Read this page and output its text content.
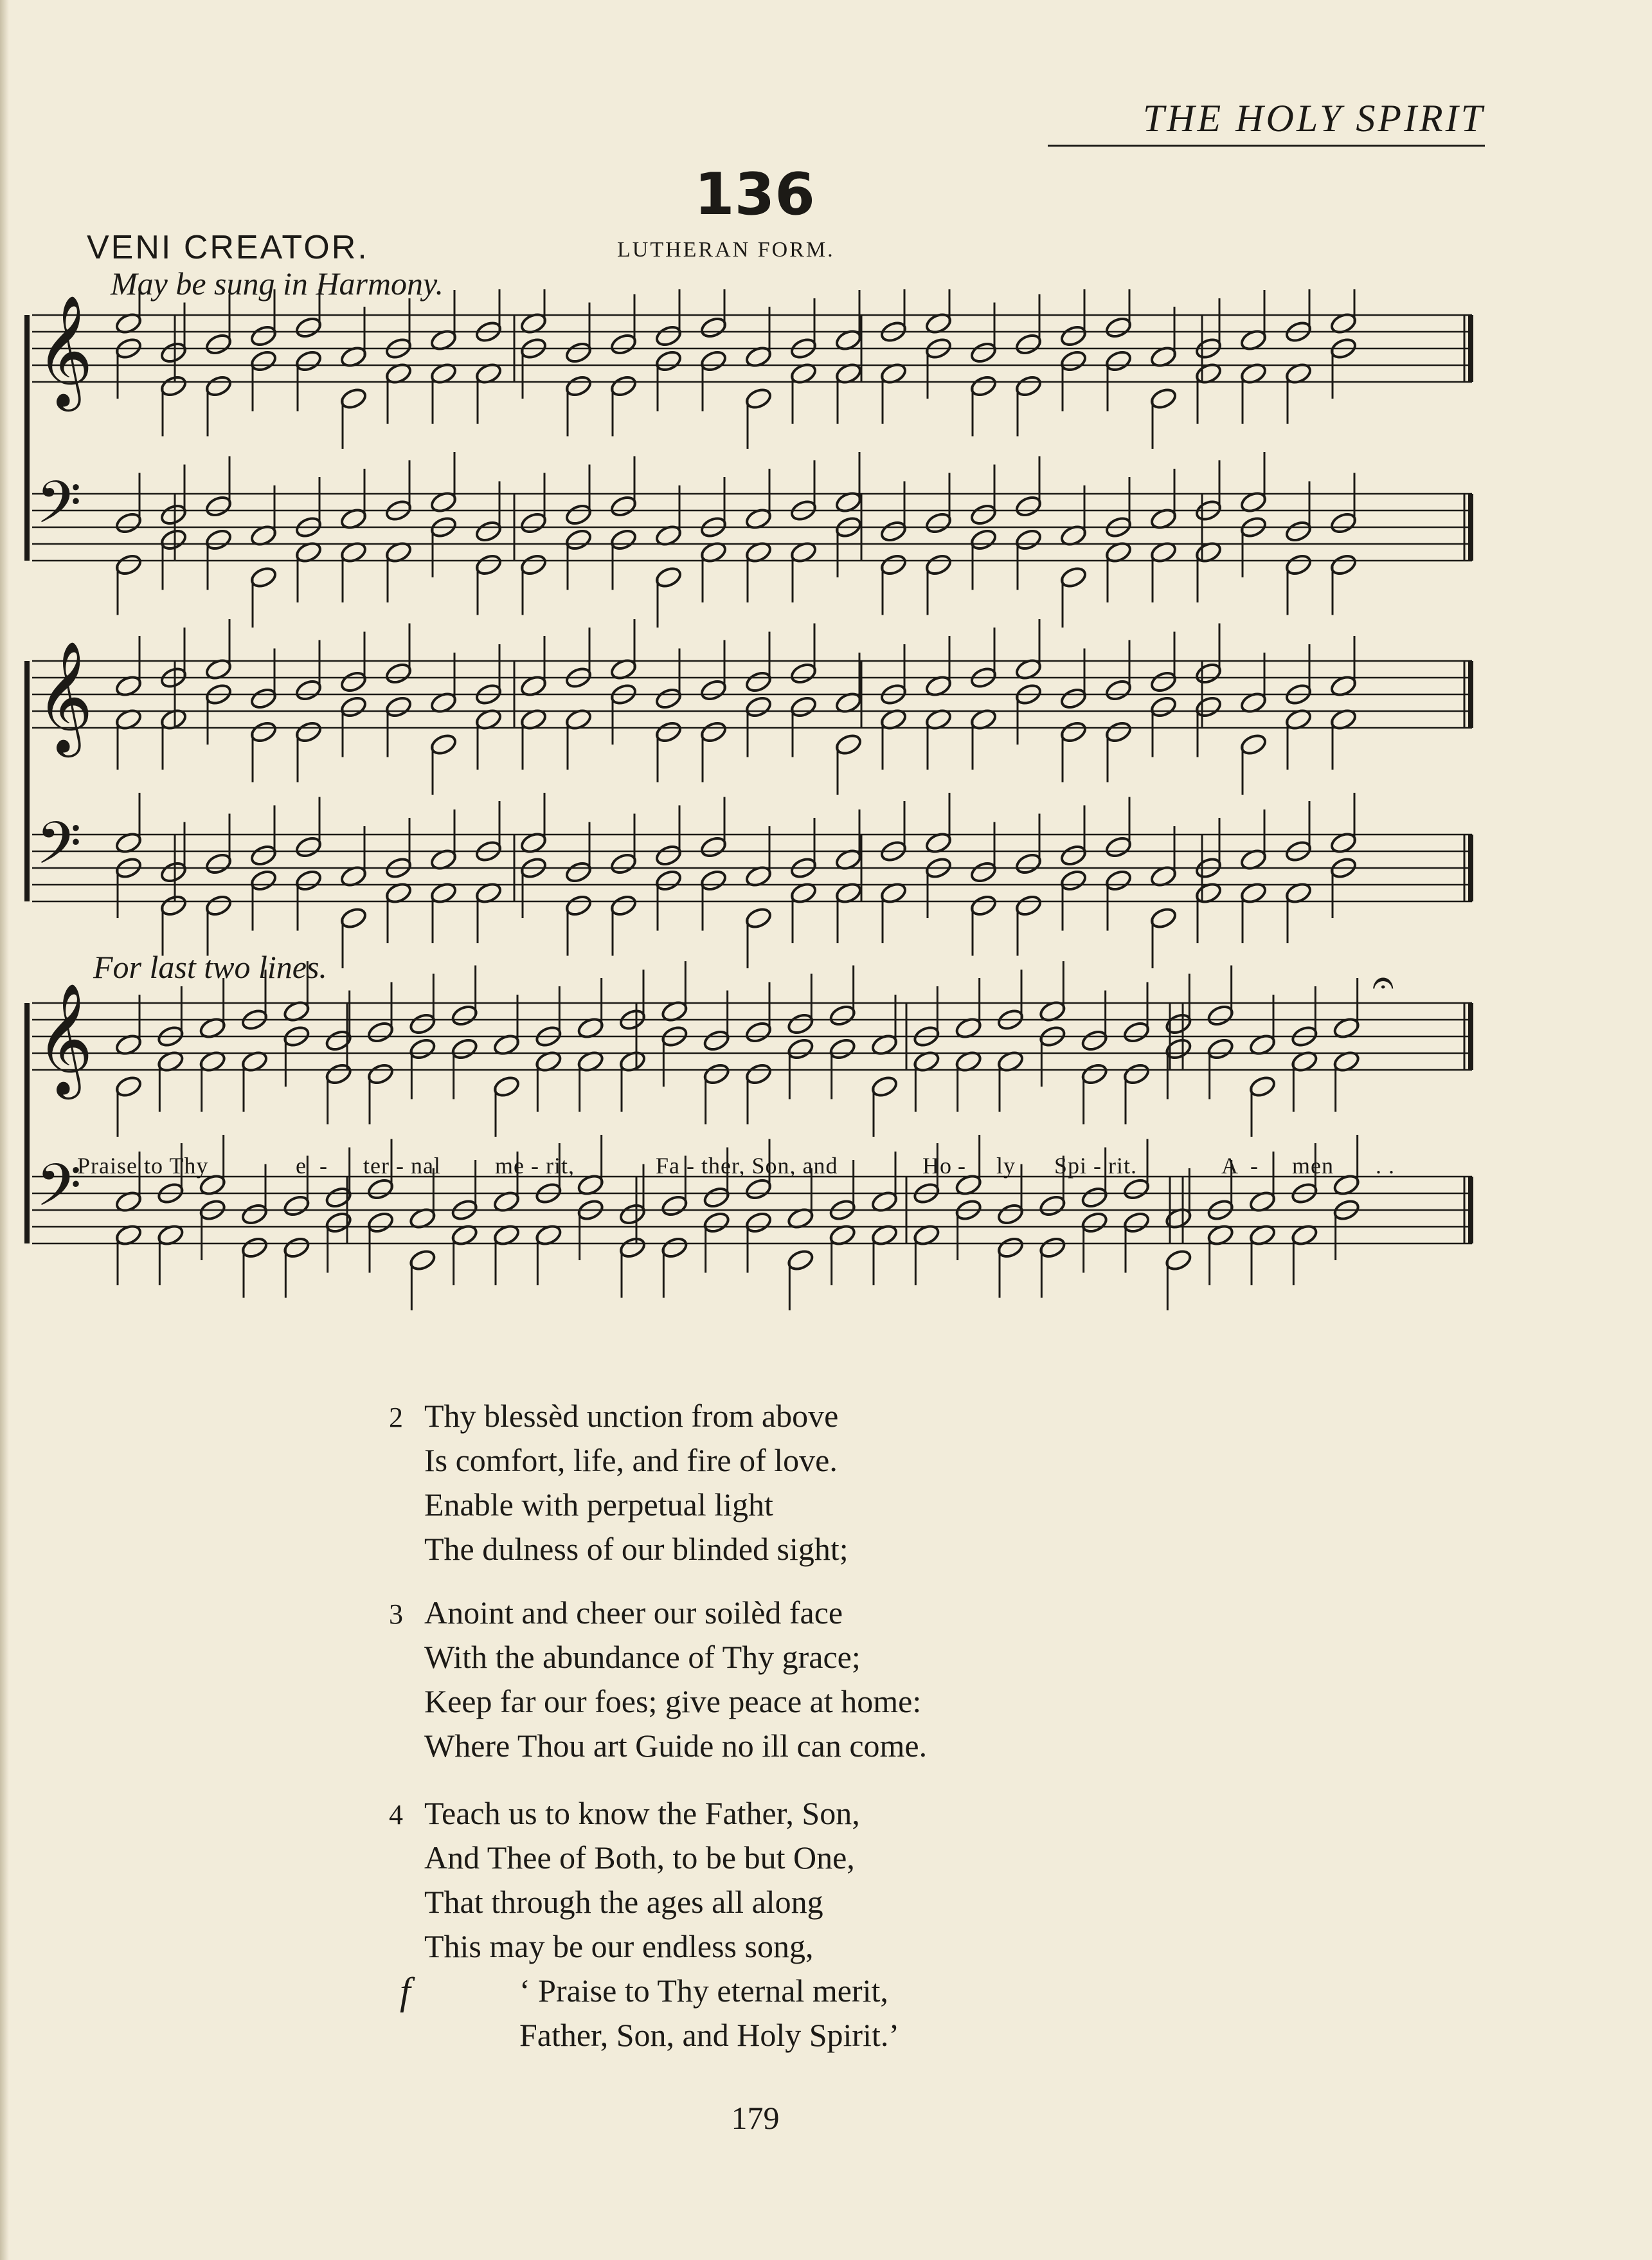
THE HOLY SPIRIT
136
VENI CREATOR.	LUTHERAN FORM.
May be sung in Harmony.
𝄞
𝄢
𝄞
𝄢
𝄞
𝄢
𝄐
For last two lines.
Praise to Thy	e - ter - nal me - rit,	Fa - ther, Son, and	Ho - ly Spi - rit.	A - men . .
2 Thy blessèd unction from above
Is comfort, life, and fire of love.
Enable with perpetual light
The dulness of our blinded sight;
3 Anoint and cheer our soilèd face
With the abundance of Thy grace;
Keep far our foes; give peace at home:
Where Thou art Guide no ill can come.
4 Teach us to know the Father, Son,
And Thee of Both, to be but One,
That through the ages all along
This may be our endless song,
‘ Praise to Thy eternal merit,
Father, Son, and Holy Spirit.’
f
179
